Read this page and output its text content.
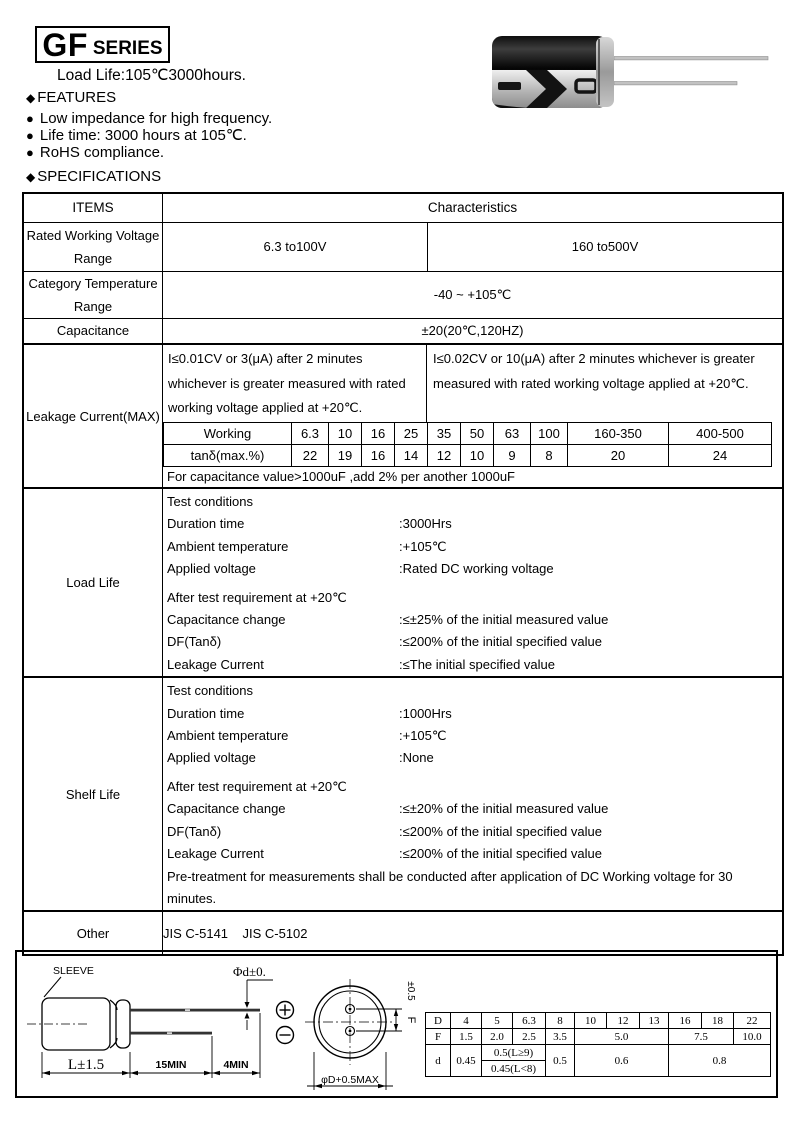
GF SERIES
Load Life:105℃3000hours.
◆ FEATURES
● Low impedance for high frequency.
● Life time: 3000 hours at 105℃.
● RoHS compliance.
◆ SPECIFICATIONS
ITEMS	Characteristics
Rated Working Voltage Range	
6.3 to100V	160 to500V

Category Temperature Range	-40 ~ +105℃
Capacitance	±20(20℃,120HZ)
Leakage Current(MAX)	
I≤0.01CV or 3(μA) after 2 minutes whichever is greater measured with rated working voltage applied at +20℃.
I≤0.02CV or 10(μA) after 2 minutes whichever is greater measured with rated working voltage applied at +20℃.
Working	6.3	10	16	25	35	50	63	100	160-350	400-500
tanδ(max.%)	22	19	16	14	12	10	9	8	20	24
For capacitance value>1000uF ,add 2% per another 1000uF

Load Life	
Test conditions
Duration time	:3000Hrs
Ambient temperature	:+105℃
Applied voltage	:Rated DC working voltage
After test requirement at +20℃
Capacitance change	:≤±25% of the initial measured value
DF(Tanδ)	:≤200% of the initial specified value
Leakage Current	:≤The initial specified value

Shelf Life	
Test conditions
Duration time	:1000Hrs
Ambient temperature	:+105℃
Applied voltage	:None
After test requirement at +20℃
Capacitance change	:≤±20% of the initial measured value
DF(Tanδ)	:≤200% of the initial specified value
Leakage Current	:≤200% of the initial specified value
Pre-treatment for measurements shall be conducted after application of DC Working voltage for 30 minutes.

Other	JIS C-5141    JIS C-5102
SLEEVE	Φd±0.
L±1.5	15MIN	4MIN
F
±0.5
φD+0.5MAX
D	4	5	6.3	8	10	12	13	16	18	22
F	1.5	2.0	2.5	3.5	5.0			7.5		10.0
d	0.45	0.5(L≥9)		0.5	0.6			0.8		
		0.45(L<8)								
